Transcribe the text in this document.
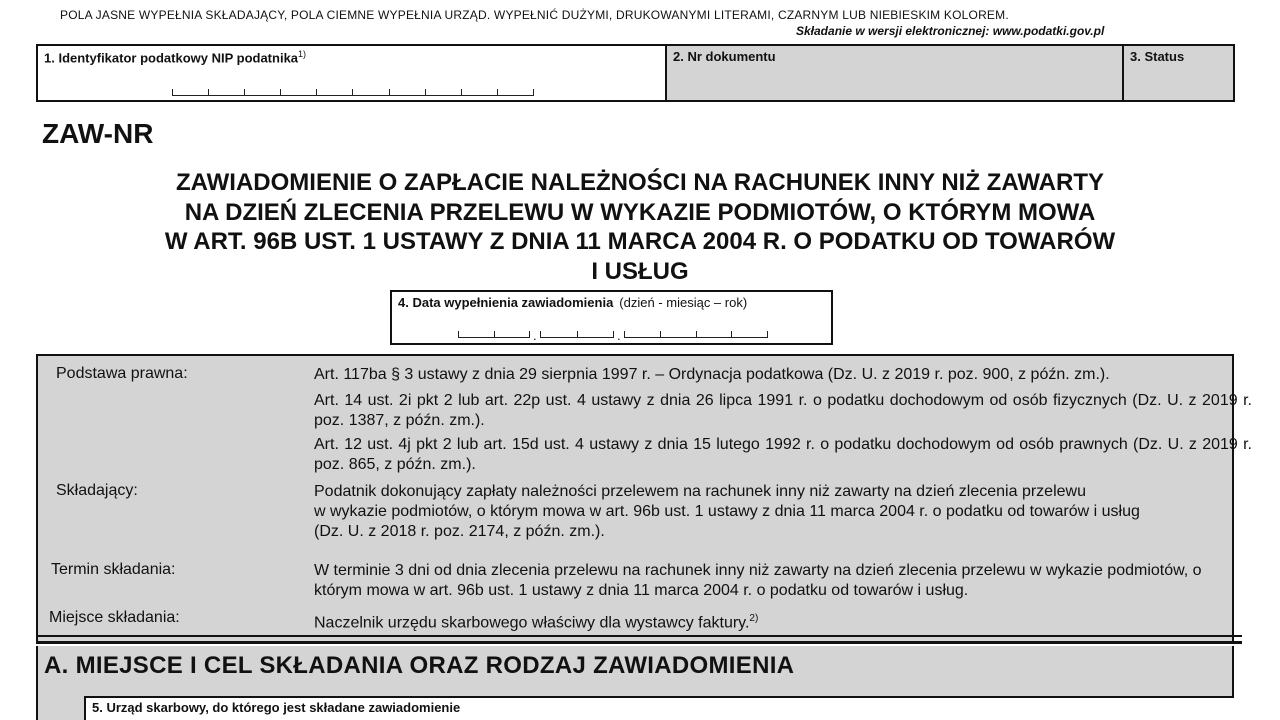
POLA JASNE WYPEŁNIA SKŁADAJĄCY, POLA CIEMNE WYPEŁNIA URZĄD. WYPEŁNIĆ DUŻYMI, DRUKOWANYMI LITERAMI, CZARNYM LUB NIEBIESKIM KOLOREM.
Składanie w wersji elektronicznej: www.podatki.gov.pl
1. Identyfikator podatkowy NIP podatnika$^{1)}$	2. Nr dokumentu	3. Status
ZAW-NR
ZAWIADOMIENIE O ZAPŁACIE NALEŻNOŚCI NA RACHUNEK INNY NIŻ ZAWARTY
NA DZIEŃ ZLECENIA PRZELEWU W WYKAZIE PODMIOTÓW, O KTÓRYM MOWA
W ART. 96B UST. 1 USTAWY Z DNIA 11 MARCA 2004 R. O PODATKU OD TOWARÓW
I USŁUG
4. Data wypełnienia zawiadomienia (dzień - miesiąc – rok)
.	.
Podstawa prawna:	Art. 117ba § 3 ustawy z dnia 29 sierpnia 1997 r. – Ordynacja podatkowa (Dz. U. z 2019 r. poz. 900, z późn. zm.).
Art. 14 ust. 2i pkt 2 lub art. 22p ust. 4 ustawy z dnia 26 lipca 1991 r. o podatku dochodowym od osób fizycznych (Dz. U. z 2019 r. poz. 1387, z późn. zm.).
Art. 12 ust. 4j pkt 2 lub art. 15d ust. 4 ustawy z dnia 15 lutego 1992 r. o podatku dochodowym od osób prawnych (Dz. U. z 2019 r. poz. 865, z późn. zm.).
Składający:	Podatnik dokonujący zapłaty należności przelewem na rachunek inny niż zawarty na dzień zlecenia przelewu
w wykazie podmiotów, o którym mowa w art. 96b ust. 1 ustawy z dnia 11 marca 2004 r. o podatku od towarów i usług
(Dz. U. z 2018 r. poz. 2174, z późn. zm.).
Termin składania:	W terminie 3 dni od dnia zlecenia przelewu na rachunek inny niż zawarty na dzień zlecenia przelewu w wykazie podmiotów, o którym mowa w art. 96b ust. 1 ustawy z dnia 11 marca 2004 r. o podatku od towarów i usług.
Miejsce składania:	Naczelnik urzędu skarbowego właściwy dla wystawcy faktury.$^{2)}$
A. MIEJSCE I CEL SKŁADANIA ORAZ RODZAJ ZAWIADOMIENIA
5. Urząd skarbowy, do którego jest składane zawiadomienie
